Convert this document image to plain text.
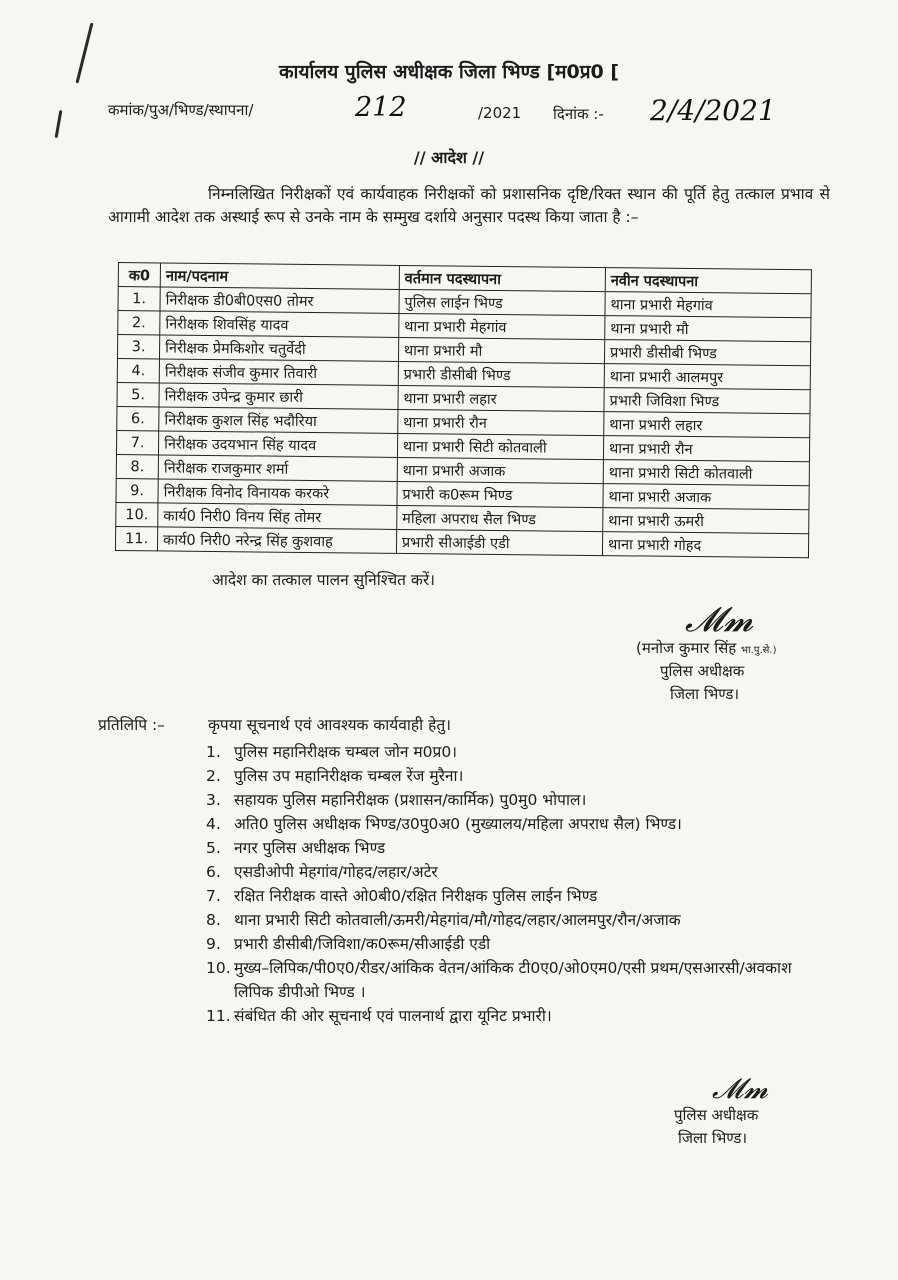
कार्यालय पुलिस अधीक्षक जिला भिण्ड [म0प्र0 [
कमांक/पुअ/भिण्ड/स्थापना/	212	/2021 दिनांक :- 2/4/2021
// आदेश //
निम्नलिखित निरीक्षकों एवं कार्यवाहक निरीक्षकों को प्रशासनिक दृष्टि/रिक्त स्थान की पूर्ति हेतु तत्काल प्रभाव से आगामी आदेश तक अस्थाई रूप से उनके नाम के सम्मुख दर्शाये अनुसार पदस्थ किया जाता है :–
क0	नाम/पदनाम	वर्तमान पदस्थापना	नवीन पदस्थापना
1.	निरीक्षक डी0बी0एस0 तोमर	पुलिस लाईन भिण्ड	थाना प्रभारी मेहगांव
2.	निरीक्षक शिवसिंह यादव	थाना प्रभारी मेहगांव	थाना प्रभारी मौ
3.	निरीक्षक प्रेमकिशोर चतुर्वेदी	थाना प्रभारी मौ	प्रभारी डीसीबी भिण्ड
4.	निरीक्षक संजीव कुमार तिवारी	प्रभारी डीसीबी भिण्ड	थाना प्रभारी आलमपुर
5.	निरीक्षक उपेन्द्र कुमार छारी	थाना प्रभारी लहार	प्रभारी जिविशा भिण्ड
6.	निरीक्षक कुशल सिंह भदौरिया	थाना प्रभारी रौन	थाना प्रभारी लहार
7.	निरीक्षक उदयभान सिंह यादव	थाना प्रभारी सिटी कोतवाली	थाना प्रभारी रौन
8.	निरीक्षक राजकुमार शर्मा	थाना प्रभारी अजाक	थाना प्रभारी सिटी कोतवाली
9.	निरीक्षक विनोद विनायक करकरे	प्रभारी क0रूम भिण्ड	थाना प्रभारी अजाक
10.	कार्य0 निरी0 विनय सिंह तोमर	महिला अपराध सैल भिण्ड	थाना प्रभारी ऊमरी
11.	कार्य0 निरी0 नरेन्द्र सिंह कुशवाह	प्रभारी सीआईडी एडी	थाना प्रभारी गोहद
आदेश का तत्काल पालन सुनिश्चित करें।
𝓜𝓶
(मनोज कुमार सिंह भा.पु.से.)
पुलिस अधीक्षक
जिला भिण्ड।
प्रतिलिपि :–	कृपया सूचनार्थ एवं आवश्यक कार्यवाही हेतु।
1. पुलिस महानिरीक्षक चम्बल जोन म0प्र0।
2. पुलिस उप महानिरीक्षक चम्बल रेंज मुरैना।
3. सहायक पुलिस महानिरीक्षक (प्रशासन/कार्मिक) पु0मु0 भोपाल।
4. अति0 पुलिस अधीक्षक भिण्ड/उ0पु0अ0 (मुख्यालय/महिला अपराध सैल) भिण्ड।
5. नगर पुलिस अधीक्षक भिण्ड
6. एसडीओपी मेहगांव/गोहद/लहार/अटेर
7. रक्षित निरीक्षक वास्ते ओ0बी0/रक्षित निरीक्षक पुलिस लाईन भिण्ड
8. थाना प्रभारी सिटी कोतवाली/ऊमरी/मेहगांव/मौ/गोहद/लहार/आलमपुर/रौन/अजाक
9. प्रभारी डीसीबी/जिविशा/क0रूम/सीआईडी एडी
10. मुख्य–लिपिक/पी0ए0/रीडर/आंकिक वेतन/आंकिक टी0ए0/ओ0एम0/एसी प्रथम/एसआरसी/अवकाश लिपिक डीपीओ भिण्ड ।
11. संबंधित की ओर सूचनार्थ एवं पालनार्थ द्वारा यूनिट प्रभारी।
𝓜𝓶
पुलिस अधीक्षक
जिला भिण्ड।
